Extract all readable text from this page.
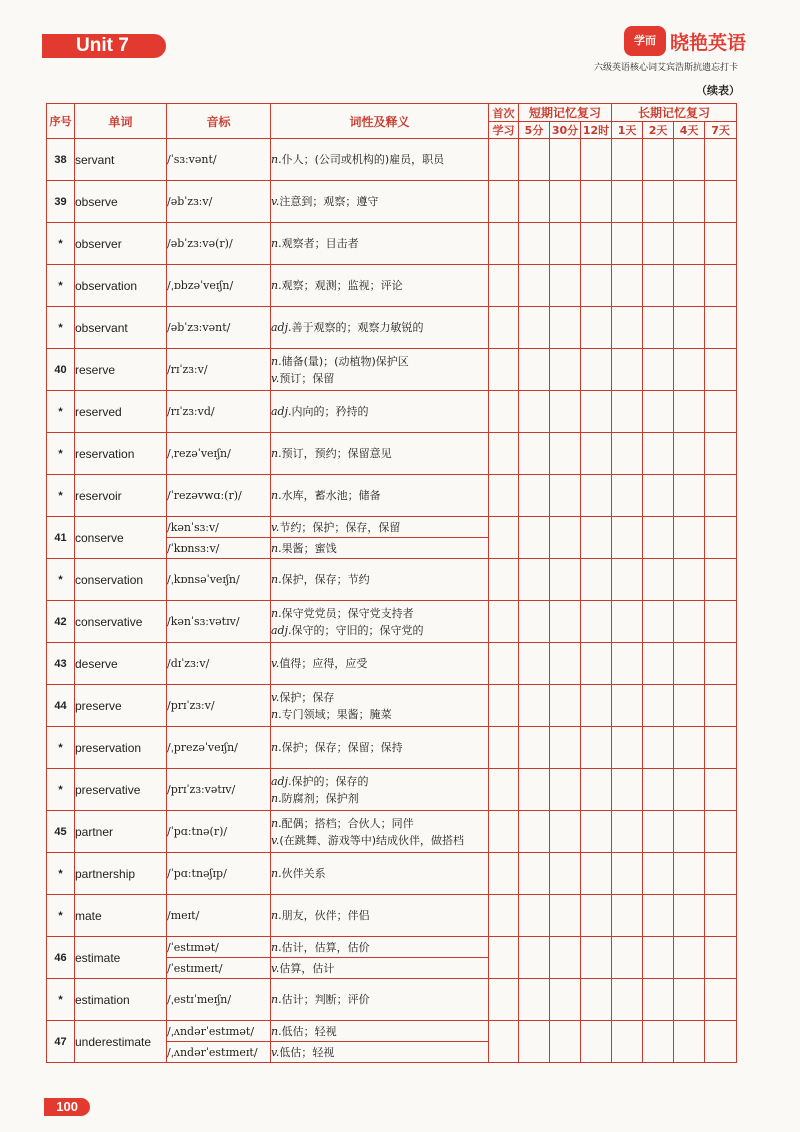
Unit 7	学而 晓艳英语
六级英语核心词艾宾浩斯抗遗忘打卡
（续表）
序号	单词	音标	词性及释义	首次	短期记忆复习			长期记忆复习			
				学习	5分	30分	12时	1天	2天	4天	7天
38	servant	/ˈsɜːvənt/	n.仆人；(公司或机构的)雇员，职员								

39	observe	/əbˈzɜːv/	v.注意到；观察；遵守								

*	observer	/əbˈzɜːvə(r)/	n.观察者；目击者								

*	observation	/ˌɒbzəˈveɪʃn/	n.观察；观测；监视；评论								

*	observant	/əbˈzɜːvənt/	adj.善于观察的；观察力敏锐的								

40	reserve	/rɪˈzɜːv/	n.储备(量)；(动植物)保护区
v.预订；保留								

*	reserved	/rɪˈzɜːvd/	adj.内向的；矜持的								

*	reservation	/ˌrezəˈveɪʃn/	n.预订，预约；保留意见								

*	reservoir	/ˈrezəvwɑː(r)/	n.水库，蓄水池；储备								

41	conserve	/kənˈsɜːv/	v.节约；保护；保存，保留								

		/ˈkɒnsɜːv/	n.果酱；蜜饯								

*	conservation	/ˌkɒnsəˈveɪʃn/	n.保护，保存；节约								

42	conservative	/kənˈsɜːvətɪv/	n.保守党党员；保守党支持者
adj.保守的；守旧的；保守党的								

43	deserve	/dɪˈzɜːv/	v.值得；应得，应受								

44	preserve	/prɪˈzɜːv/	v.保护；保存
n.专门领域；果酱；腌菜								

*	preservation	/ˌprezəˈveɪʃn/	n.保护；保存；保留；保持								

*	preservative	/prɪˈzɜːvətɪv/	adj.保护的；保存的
n.防腐剂；保护剂								

45	partner	/ˈpɑːtnə(r)/	n.配偶；搭档；合伙人；同伴
v.(在跳舞、游戏等中)结成伙伴，做搭档								

*	partnership	/ˈpɑːtnəʃɪp/	n.伙伴关系								

*	mate	/meɪt/	n.朋友，伙伴；伴侣								

46	estimate	/ˈestɪmət/	n.估计，估算，估价								

		/ˈestɪmeɪt/	v.估算，估计								

*	estimation	/ˌestɪˈmeɪʃn/	n.估计；判断；评价								

47	underestimate	/ˌʌndərˈestɪmət/	n.低估；轻视								

		/ˌʌndərˈestɪmeɪt/	v.低估；轻视								
100
